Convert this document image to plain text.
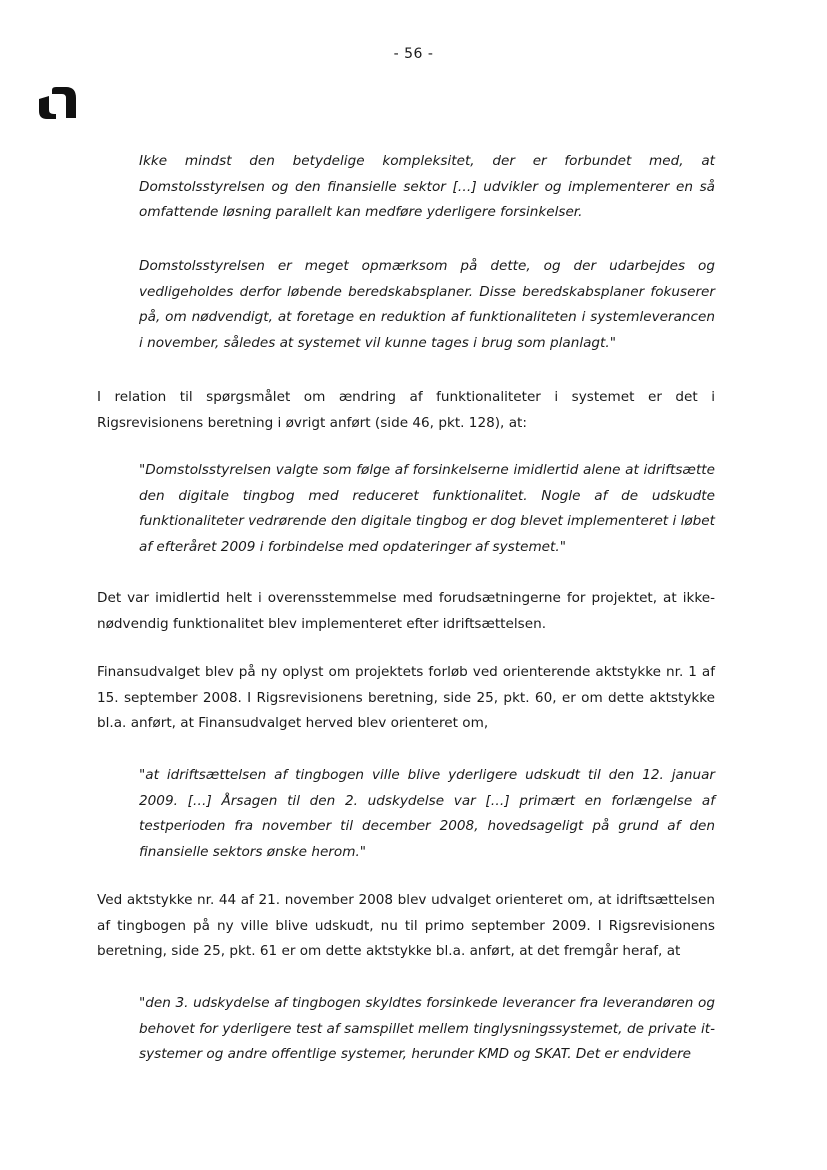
- 56 -

Ikke mindst den betydelige kompleksitet, der er forbundet med, at Domstolsstyrelsen og den finansielle sektor […] udvikler og implementerer en så omfattende løsning parallelt kan medføre yderligere forsinkelser.

Domstolsstyrelsen er meget opmærksom på dette, og der udarbejdes og vedligeholdes derfor løbende beredskabsplaner. Disse beredskabsplaner fokuserer på, om nødvendigt, at foretage en reduktion af funktionaliteten i systemleverancen i november, således at systemet vil kunne tages i brug som planlagt."

I relation til spørgsmålet om ændring af funktionaliteter i systemet er det i Rigsrevisionens beretning i øvrigt anført (side 46, pkt. 128), at:

"Domstolsstyrelsen valgte som følge af forsinkelserne imidlertid alene at idriftsætte den digitale tingbog med reduceret funktionalitet. Nogle af de udskudte funktionaliteter vedrørende den digitale tingbog er dog blevet implementeret i løbet af efteråret 2009 i forbindelse med opdateringer af systemet."

Det var imidlertid helt i overensstemmelse med forudsætningerne for projektet, at ikke-nødvendig funktionalitet blev implementeret efter idriftsættelsen.

Finansudvalget blev på ny oplyst om projektets forløb ved orienterende aktstykke nr. 1 af 15. september 2008. I Rigsrevisionens beretning, side 25, pkt. 60, er om dette aktstykke bl.a. anført, at Finansudvalget herved blev orienteret om,

"at idriftsættelsen af tingbogen ville blive yderligere udskudt til den 12. januar 2009. […] Årsagen til den 2. udskydelse var […] primært en forlængelse af testperioden fra november til december 2008, hovedsageligt på grund af den finansielle sektors ønske herom."

Ved aktstykke nr. 44 af 21. november 2008 blev udvalget orienteret om, at idriftsættelsen af tingbogen på ny ville blive udskudt, nu til primo september 2009. I Rigsrevisionens beretning, side 25, pkt. 61 er om dette aktstykke bl.a. anført, at det fremgår heraf, at

"den 3. udskydelse af tingbogen skyldtes forsinkede leverancer fra leverandøren og behovet for yderligere test af samspillet mellem tinglysningssystemet, de private it-systemer og andre offentlige systemer, herunder KMD og SKAT. Det er endvidere
